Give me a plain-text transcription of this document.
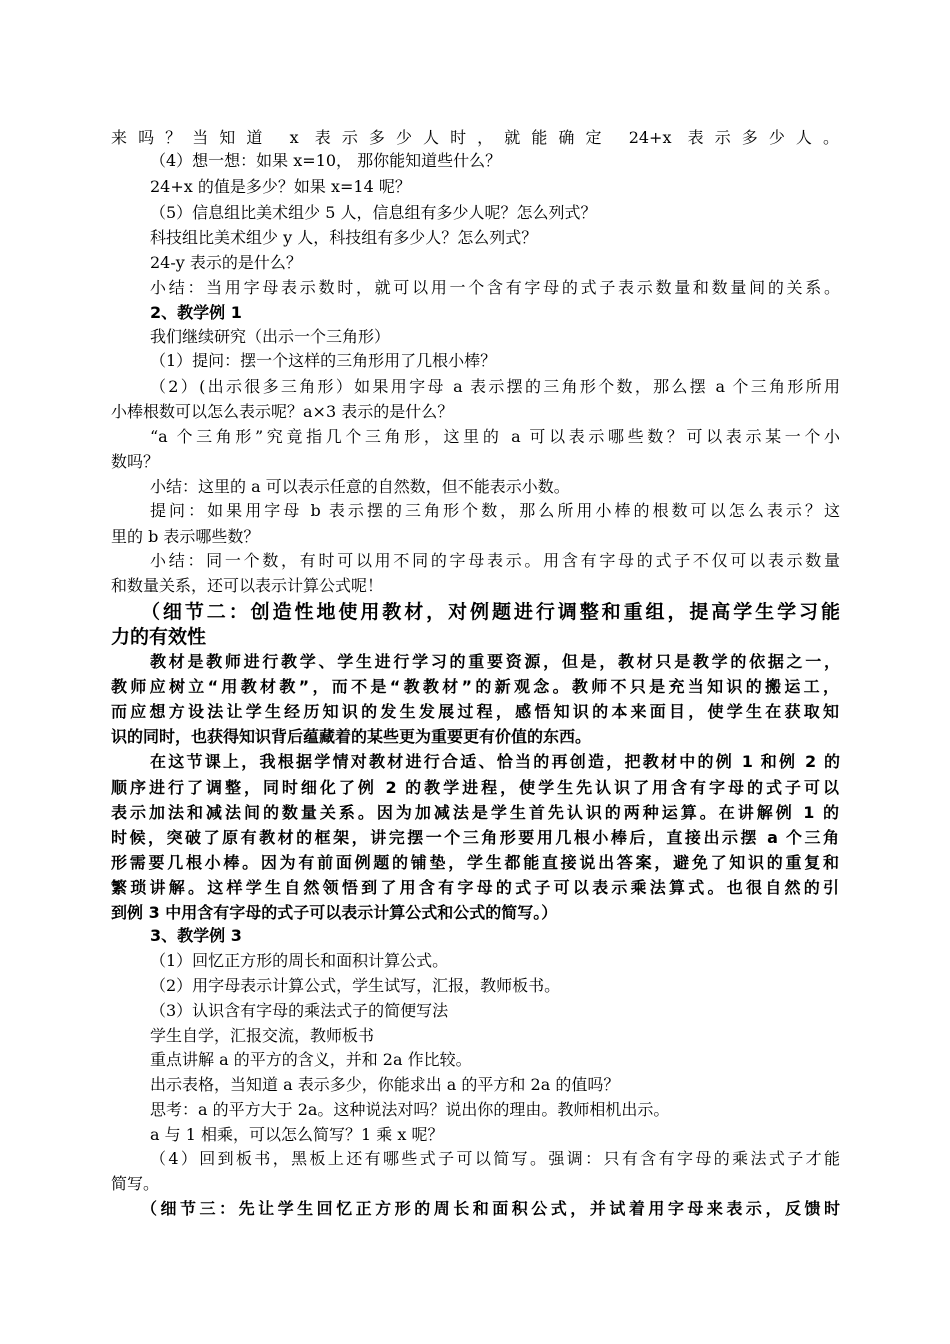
来吗？当知道 x 表示多少人时，就能确定 24+x 表示多少人。
（4）想一想：如果 x=10， 那你能知道些什么？
24+x 的值是多少？如果 x=14 呢？
（5）信息组比美术组少 5 人，信息组有多少人呢？怎么列式？
科技组比美术组少 y 人，科技组有多少人？怎么列式？
24-y 表示的是什么？
小结：当用字母表示数时，就可以用一个含有字母的式子表示数量和数量间的关系。
2、教学例 1
我们继续研究（出示一个三角形）
（1）提问：摆一个这样的三角形用了几根小棒？
（2）(出示很多三角形）如果用字母 a 表示摆的三角形个数，那么摆 a 个三角形所用
小棒根数可以怎么表示呢？a×3 表示的是什么？
“a 个三角形”究竟指几个三角形，这里的 a 可以表示哪些数？可以表示某一个小
数吗？
小结：这里的 a 可以表示任意的自然数，但不能表示小数。
提问：如果用字母 b 表示摆的三角形个数，那么所用小棒的根数可以怎么表示？这
里的 b 表示哪些数？
小结：同一个数，有时可以用不同的字母表示。用含有字母的式子不仅可以表示数量
和数量关系，还可以表示计算公式呢！
（细节二：创造性地使用教材，对例题进行调整和重组，提高学生学习能
力的有效性
教材是教师进行教学、学生进行学习的重要资源，但是，教材只是教学的依据之一，
教师应树立“用教材教”，而不是“教教材”的新观念。教师不只是充当知识的搬运工，
而应想方设法让学生经历知识的发生发展过程，感悟知识的本来面目，使学生在获取知
识的同时，也获得知识背后蕴藏着的某些更为重要更有价值的东西。
在这节课上，我根据学情对教材进行合适、恰当的再创造，把教材中的例 1 和例 2 的
顺序进行了调整，同时细化了例 2 的教学进程，使学生先认识了用含有字母的式子可以
表示加法和减法间的数量关系。因为加减法是学生首先认识的两种运算。在讲解例 1 的
时候，突破了原有教材的框架，讲完摆一个三角形要用几根小棒后，直接出示摆 a 个三角
形需要几根小棒。因为有前面例题的铺垫，学生都能直接说出答案，避免了知识的重复和
繁琐讲解。这样学生自然领悟到了用含有字母的式子可以表示乘法算式。也很自然的引
到例 3 中用含有字母的式子可以表示计算公式和公式的简写。）
3、教学例 3
（1）回忆正方形的周长和面积计算公式。
（2）用字母表示计算公式，学生试写，汇报，教师板书。
（3）认识含有字母的乘法式子的简便写法
学生自学，汇报交流，教师板书
重点讲解 a 的平方的含义，并和 2a 作比较。
出示表格，当知道 a 表示多少，你能求出 a 的平方和 2a 的值吗？
思考：a 的平方大于 2a。这种说法对吗？说出你的理由。教师相机出示。
a 与 1 相乘，可以怎么简写？1 乘 x 呢？
（4）回到板书，黑板上还有哪些式子可以简写。强调：只有含有字母的乘法式子才能
简写。
（细节三：先让学生回忆正方形的周长和面积公式，并试着用字母来表示，反馈时
